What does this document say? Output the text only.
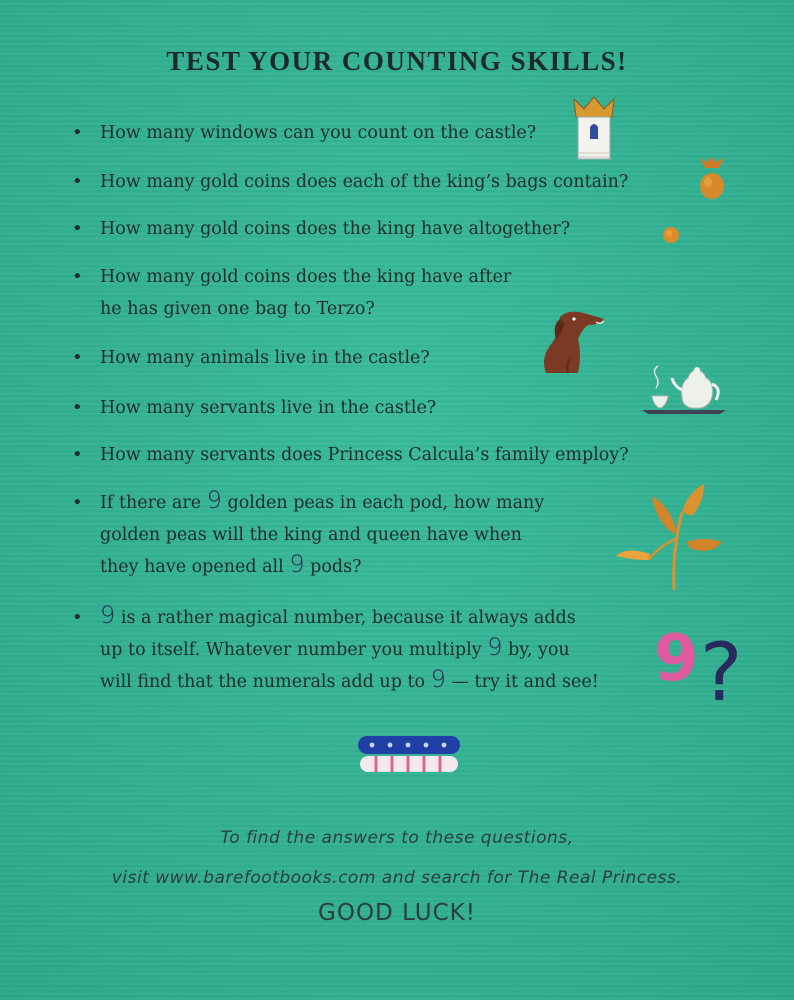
TEST YOUR COUNTING SKILLS!
• How many windows can you count on the castle?
• How many gold coins does each of the king’s bags contain?
• How many gold coins does the king have altogether?
• How many gold coins does the king have after
he has given one bag to Terzo?
• How many animals live in the castle?
• How many servants live in the castle?
• How many servants does Princess Calcula’s family employ?
• If there are 9 golden peas in each pod, how many
golden peas will the king and queen have when
they have opened all 9 pods?
• 9 is a rather magical number, because it always adds
up to itself. Whatever number you multiply 9 by, you
will find that the numerals add up to 9 — try it and see! 9 ?
To find the answers to these questions,
visit www.barefootbooks.com and search for The Real Princess.
GOOD LUCK!
